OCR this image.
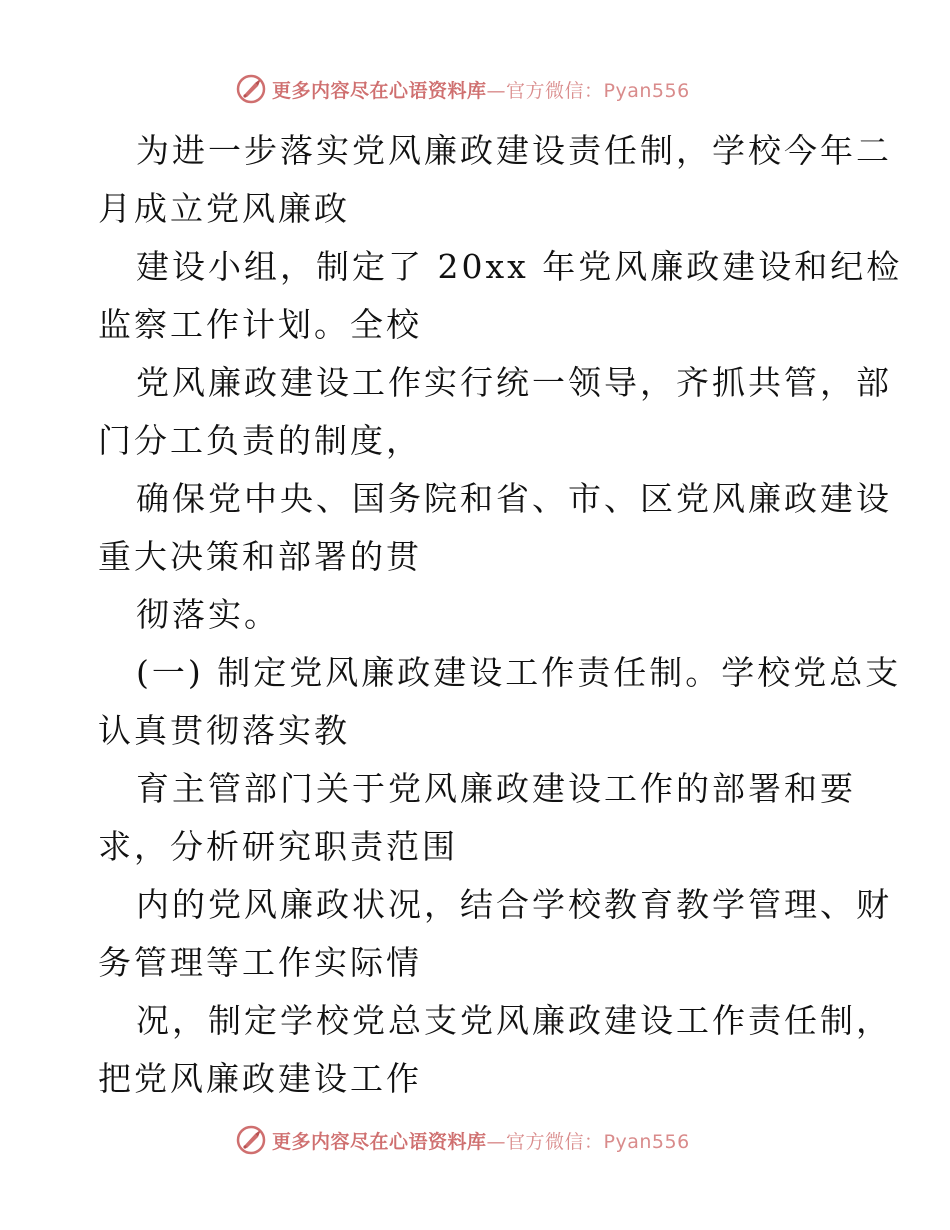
更多内容尽在心语资料库—官方微信：Pyan556

为进一步落实党风廉政建设责任制，学校今年二

月成立党风廉政

建设小组，制定了 20xx 年党风廉政建设和纪检

监察工作计划。全校

党风廉政建设工作实行统一领导，齐抓共管，部

门分工负责的制度，

确保党中央、国务院和省、市、区党风廉政建设

重大决策和部署的贯

彻落实。

(一) 制定党风廉政建设工作责任制。学校党总支

认真贯彻落实教

育主管部门关于党风廉政建设工作的部署和要

求，分析研究职责范围

内的党风廉政状况，结合学校教育教学管理、财

务管理等工作实际情

况，制定学校党总支党风廉政建设工作责任制，

把党风廉政建设工作

更多内容尽在心语资料库—官方微信：Pyan556
